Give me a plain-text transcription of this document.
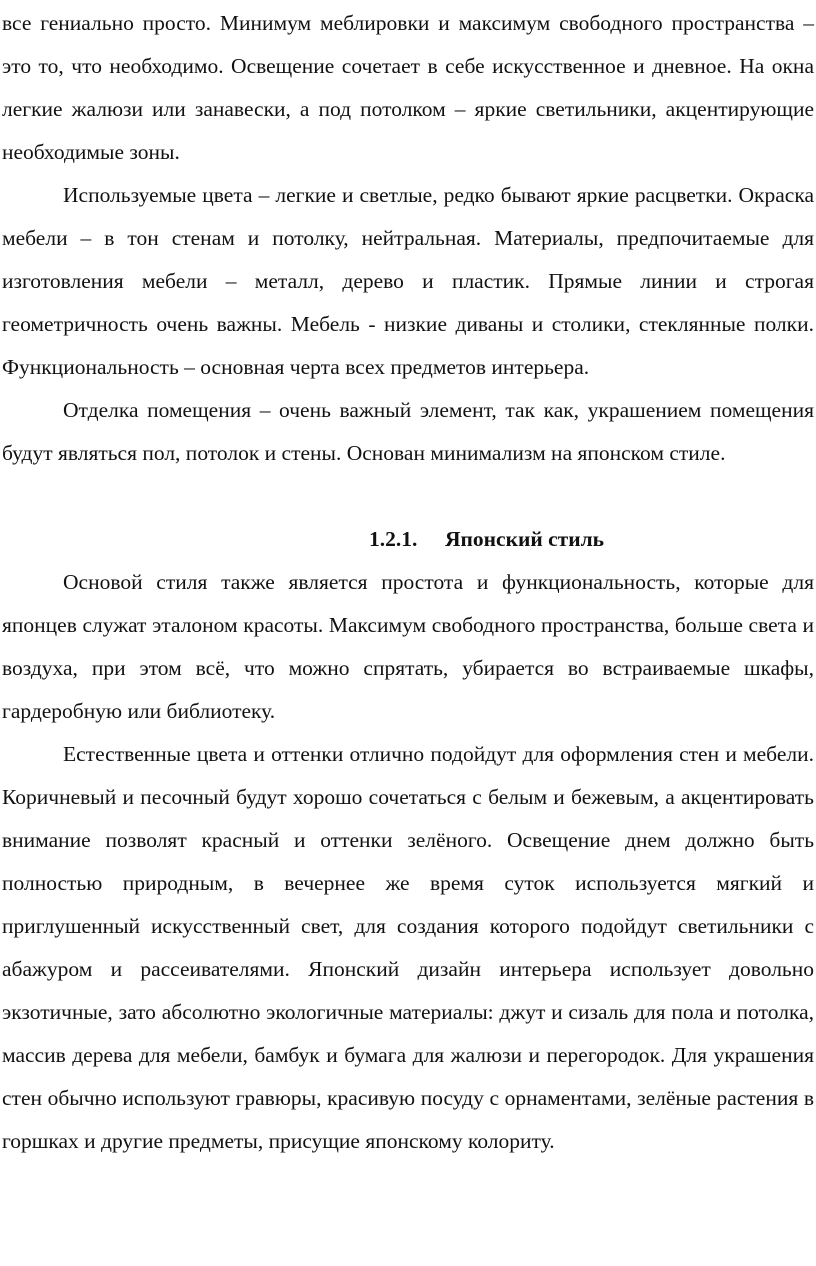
все гениально просто. Минимум меблировки и максимум свободного пространства – это то, что необходимо. Освещение сочетает в себе искусственное и дневное. На окна легкие жалюзи или занавески, а под потолком – яркие светильники, акцентирующие необходимые зоны.

Используемые цвета – легкие и светлые, редко бывают яркие расцветки. Окраска мебели – в тон стенам и потолку, нейтральная. Материалы, предпочитаемые для изготовления мебели – металл, дерево и пластик. Прямые линии и строгая геометричность очень важны. Мебель - низкие диваны и столики, стеклянные полки. Функциональность – основная черта всех предметов интерьера.

Отделка помещения – очень важный элемент, так как, украшением помещения будут являться пол, потолок и стены. Основан минимализм на японском стиле.

1.2.1. Японский стиль

Основой стиля также является простота и функциональность, которые для японцев служат эталоном красоты. Максимум свободного пространства, больше света и воздуха, при этом всё, что можно спрятать, убирается во встраиваемые шкафы, гардеробную или библиотеку.

Естественные цвета и оттенки отлично подойдут для оформления стен и мебели. Коричневый и песочный будут хорошо сочетаться с белым и бежевым, а акцентировать внимание позволят красный и оттенки зелёного. Освещение днем должно быть полностью природным, в вечернее же время суток используется мягкий и приглушенный искусственный свет, для создания которого подойдут светильники с абажуром и рассеивателями. Японский дизайн интерьера использует довольно экзотичные, зато абсолютно экологичные материалы: джут и сизаль для пола и потолка, массив дерева для мебели, бамбук и бумага для жалюзи и перегородок. Для украшения стен обычно используют гравюры, красивую посуду с орнаментами, зелёные растения в горшках и другие предметы, присущие японскому колориту.
